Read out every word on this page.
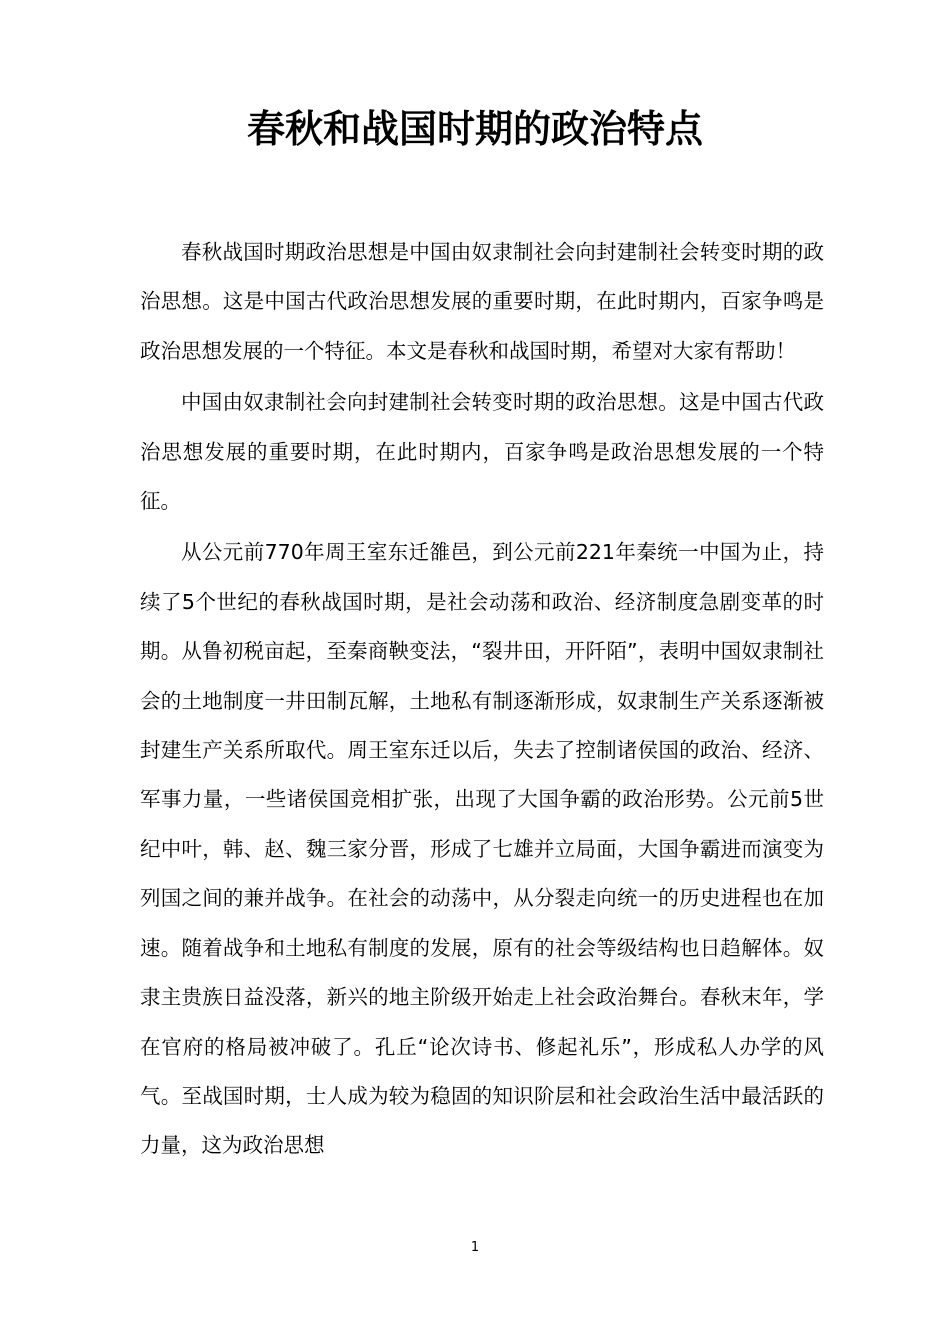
春秋和战国时期的政治特点

春秋战国时期政治思想是中国由奴隶制社会向封建制社会转变时期的政治思想。这是中国古代政治思想发展的重要时期，在此时期内，百家争鸣是政治思想发展的一个特征。本文是春秋和战国时期，希望对大家有帮助！

中国由奴隶制社会向封建制社会转变时期的政治思想。这是中国古代政治思想发展的重要时期，在此时期内，百家争鸣是政治思想发展的一个特征。

从公元前770年周王室东迁雒邑，到公元前221年秦统一中国为止，持续了5个世纪的春秋战国时期，是社会动荡和政治、经济制度急剧变革的时期。从鲁初税亩起，至秦商鞅变法，“裂井田，开阡陌”，表明中国奴隶制社会的土地制度一井田制瓦解，土地私有制逐渐形成，奴隶制生产关系逐渐被封建生产关系所取代。周王室东迁以后，失去了控制诸侯国的政治、经济、军事力量，一些诸侯国竞相扩张，出现了大国争霸的政治形势。公元前5世纪中叶，韩、赵、魏三家分晋，形成了七雄并立局面，大国争霸进而演变为列国之间的兼并战争。在社会的动荡中，从分裂走向统一的历史进程也在加速。随着战争和土地私有制度的发展，原有的社会等级结构也日趋解体。奴隶主贵族日益没落，新兴的地主阶级开始走上社会政治舞台。春秋末年，学在官府的格局被冲破了。孔丘“论次诗书、修起礼乐”，形成私人办学的风气。至战国时期，士人成为较为稳固的知识阶层和社会政治生活中最活跃的力量，这为政治思想

1
